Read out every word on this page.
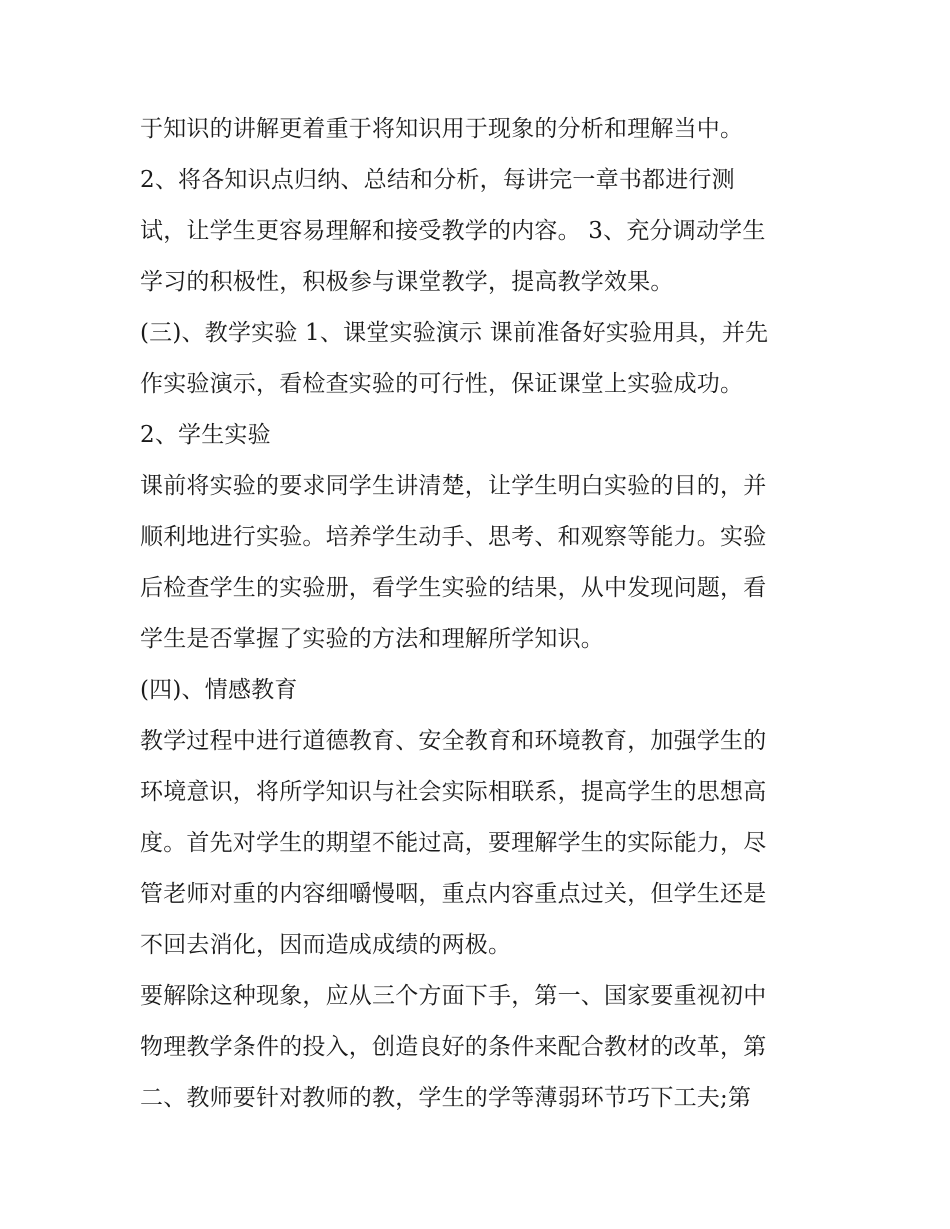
于知识的讲解更着重于将知识用于现象的分析和理解当中。
2、将各知识点归纳、总结和分析，每讲完一章书都进行测
试，让学生更容易理解和接受教学的内容。 3、充分调动学生
学习的积极性，积极参与课堂教学，提高教学效果。
(三)、教学实验 1、课堂实验演示 课前准备好实验用具，并先
作实验演示，看检查实验的可行性，保证课堂上实验成功。
2、学生实验
课前将实验的要求同学生讲清楚，让学生明白实验的目的，并
顺利地进行实验。培养学生动手、思考、和观察等能力。实验
后检查学生的实验册，看学生实验的结果，从中发现问题，看
学生是否掌握了实验的方法和理解所学知识。
(四)、情感教育
教学过程中进行道德教育、安全教育和环境教育，加强学生的
环境意识，将所学知识与社会实际相联系，提高学生的思想高
度。首先对学生的期望不能过高，要理解学生的实际能力，尽
管老师对重的内容细嚼慢咽，重点内容重点过关，但学生还是
不回去消化，因而造成成绩的两极。
要解除这种现象，应从三个方面下手，第一、国家要重视初中
物理教学条件的投入，创造良好的条件来配合教材的改革，第
二、教师要针对教师的教，学生的学等薄弱环节巧下工夫;第
